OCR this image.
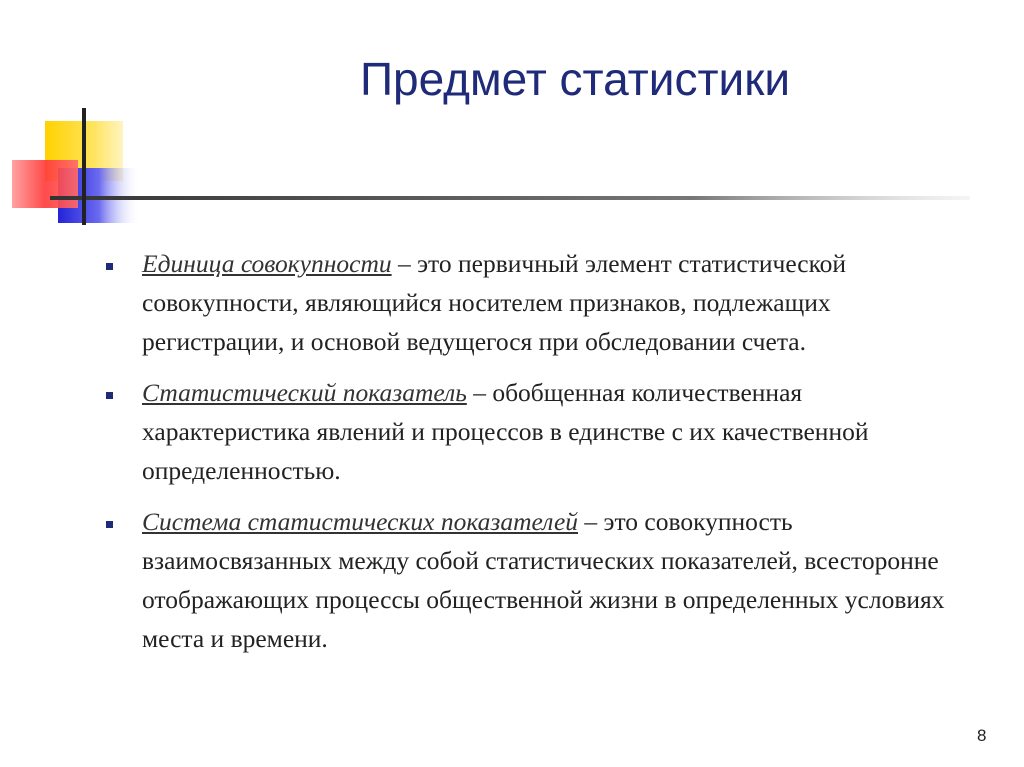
Предмет статистики
Единица совокупности – это первичный элемент статистической совокупности, являющийся носителем признаков, подлежащих регистрации, и основой ведущегося при обследовании счета.
Статистический показатель – обобщенная количественная характеристика явлений и процессов в единстве с их качественной определенностью.
Система статистических показателей – это совокупность взаимосвязанных между собой статистических показателей, всесторонне отображающих процессы общественной жизни в определенных условиях места и времени.
8
